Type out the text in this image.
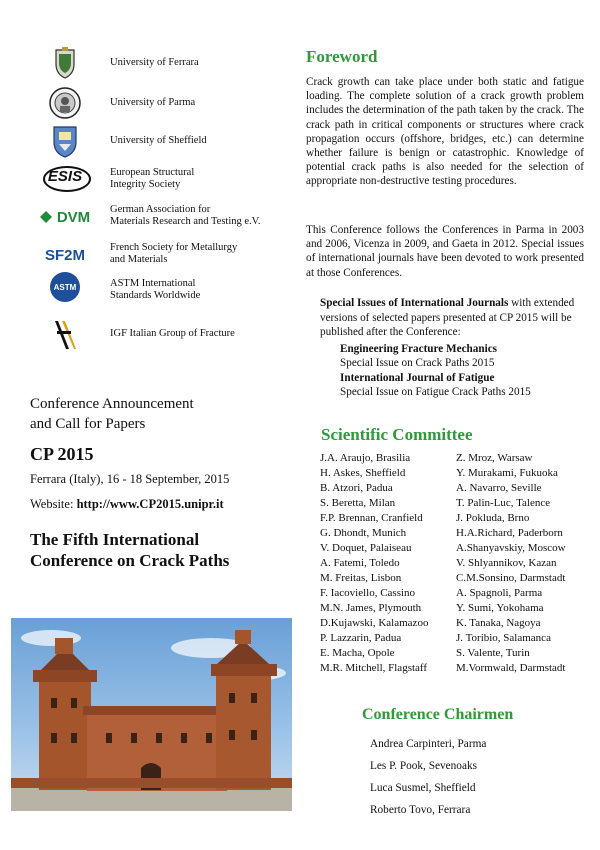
University of Ferrara
University of Parma
University of Sheffield
ESIS	European Structural
Integrity Society
DVM German Association for
Materials Research and Testing e.V.
SF2M French Society for Metallurgy
and Materials
ASTM	ASTM International
Standards Worldwide
IGF Italian Group of Fracture
Conference Announcement
and Call for Papers
CP 2015
Ferrara (Italy), 16 - 18 September, 2015
Website: http://www.CP2015.unipr.it
The Fifth International
Conference on Crack Paths
Foreword
Crack growth can take place under both static and fatigue loading. The complete solution of a crack growth problem includes the determination of the path taken by the crack. The crack path in critical components or structures where crack propagation occurs (offshore, bridges, etc.) can determine whether failure is benign or catastrophic. Knowledge of potential crack paths is also needed for the selection of appropriate non-destructive testing procedures.
This Conference follows the Conferences in Parma in 2003 and 2006, Vicenza in 2009, and Gaeta in 2012. Special issues of international journals have been devoted to work presented at those Conferences.
Special Issues of International Journals with extended versions of selected papers presented at CP 2015 will be published after the Conference:
Engineering Fracture Mechanics
Special Issue on Crack Paths 2015
International Journal of Fatigue
Special Issue on Fatigue Crack Paths 2015
Scientific Committee
J.A. Araujo, Brasilia
H. Askes, Sheffield
B. Atzori, Padua
S. Beretta, Milan
F.P. Brennan, Cranfield
G. Dhondt, Munich
V. Doquet, Palaiseau
A. Fatemi, Toledo
M. Freitas, Lisbon
F. Iacoviello, Cassino
M.N. James, Plymouth
D.Kujawski, Kalamazoo
P. Lazzarin, Padua
E. Macha, Opole
M.R. Mitchell, Flagstaff
Z. Mroz, Warsaw
Y. Murakami, Fukuoka
A. Navarro, Seville
T. Palin-Luc, Talence
J. Pokluda, Brno
H.A.Richard, Paderborn
A.Shanyavskiy, Moscow
V. Shlyannikov, Kazan
C.M.Sonsino, Darmstadt
A. Spagnoli, Parma
Y. Sumi, Yokohama
K. Tanaka, Nagoya
J. Toribio, Salamanca
S. Valente, Turin
M.Vormwald, Darmstadt
Conference Chairmen
Andrea Carpinteri, Parma
Les P. Pook, Sevenoaks
Luca Susmel, Sheffield
Roberto Tovo, Ferrara
